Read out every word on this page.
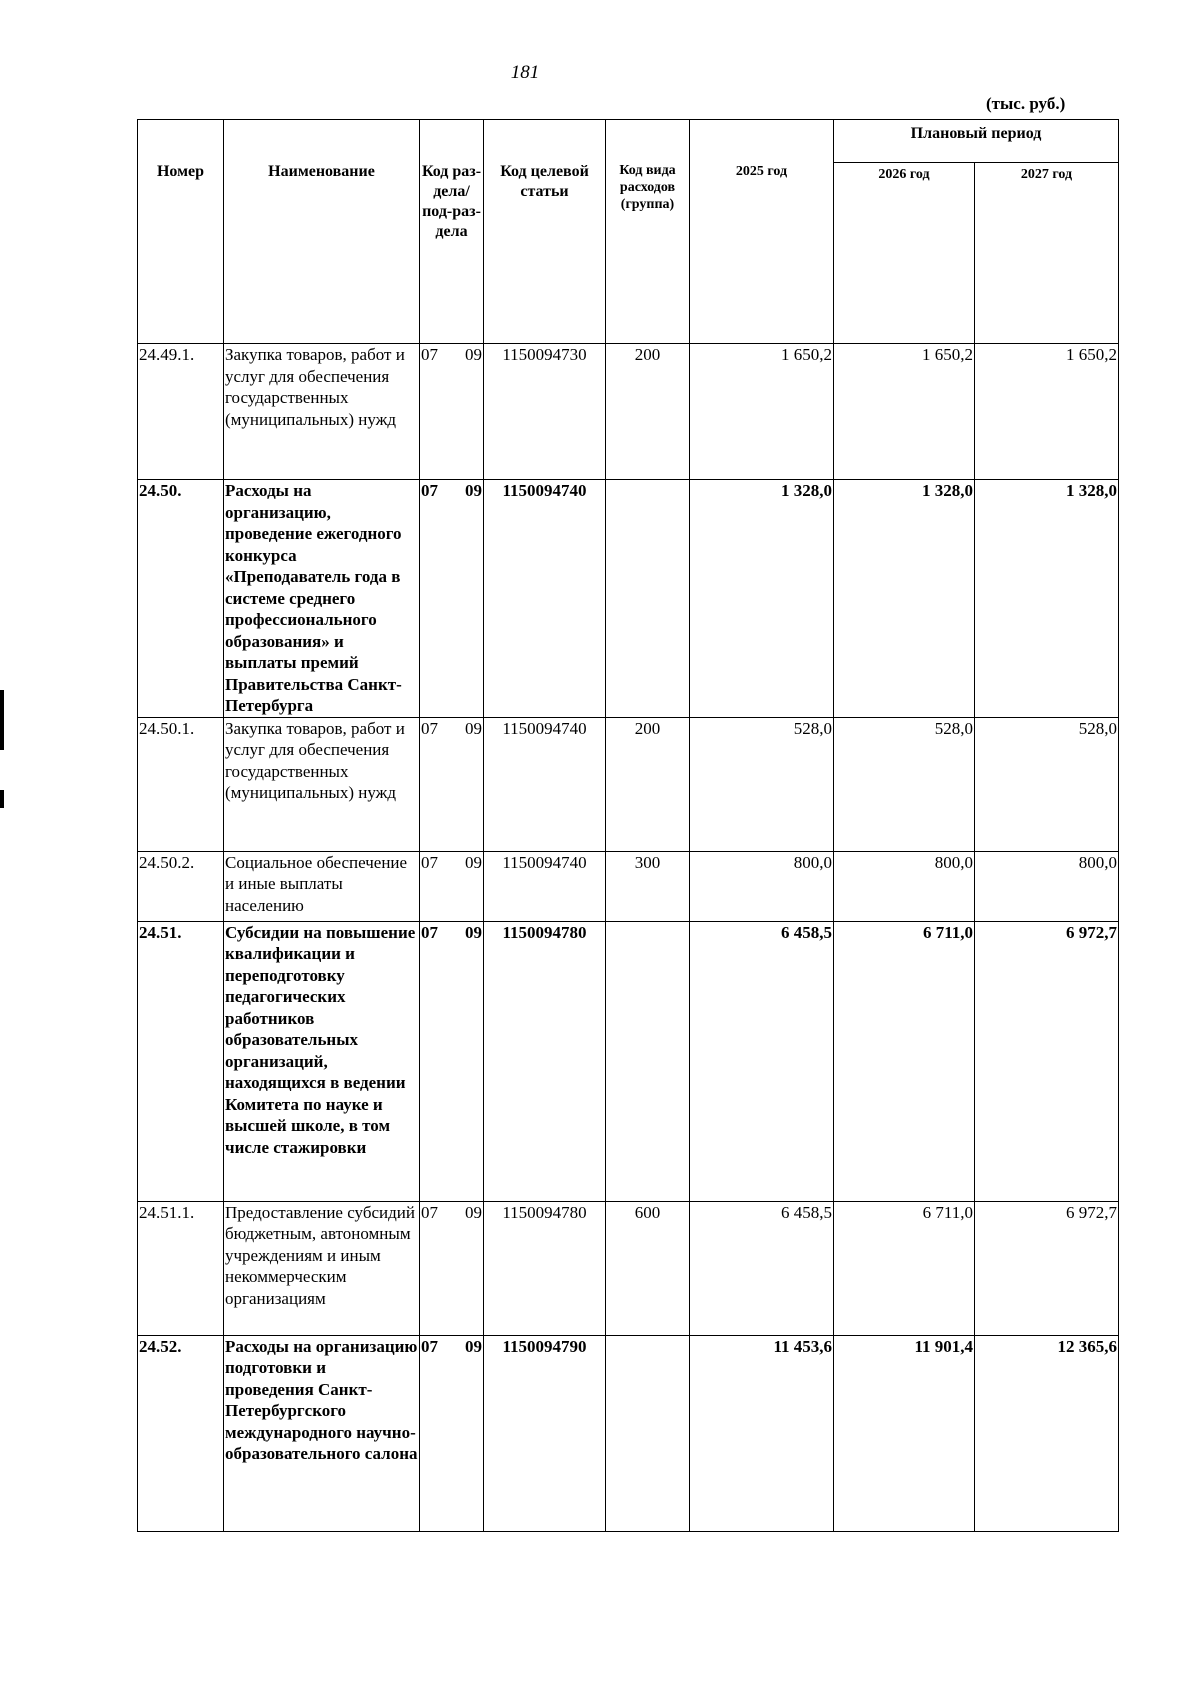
181
(тыс. руб.)
Номер	Наименование	Код раз-дела/ под-раз-дела	Код целевой статьи	Код вида расходов (группа)	2025 год	Плановый период	
						2026 год	2027 год
24.49.1.	Закупка товаров, работ и услуг для обеспечения государственных (муниципальных) нужд	07 09	1150094730	200	1 650,2	1 650,2	1 650,2
24.50.	Расходы на организацию, проведение ежегодного конкурса «Преподаватель года в системе среднего профессионального образования» и выплаты премий Правительства Санкт-Петербурга	07 09	1150094740		1 328,0	1 328,0	1 328,0
24.50.1.	Закупка товаров, работ и услуг для обеспечения государственных (муниципальных) нужд	07 09	1150094740	200	528,0	528,0	528,0
24.50.2.	Социальное обеспечение и иные выплаты населению	07 09	1150094740	300	800,0	800,0	800,0
24.51.	Субсидии на повышение квалификации и переподготовку педагогических работников образовательных организаций, находящихся в ведении Комитета по науке и высшей школе, в том числе стажировки	07 09	1150094780		6 458,5	6 711,0	6 972,7
24.51.1.	Предоставление субсидий бюджетным, автономным учреждениям и иным некоммерческим организациям	07 09	1150094780	600	6 458,5	6 711,0	6 972,7
24.52.	Расходы на организацию подготовки и проведения Санкт-Петербургского международного научно-образовательного салона	07 09	1150094790		11 453,6	11 901,4	12 365,6
